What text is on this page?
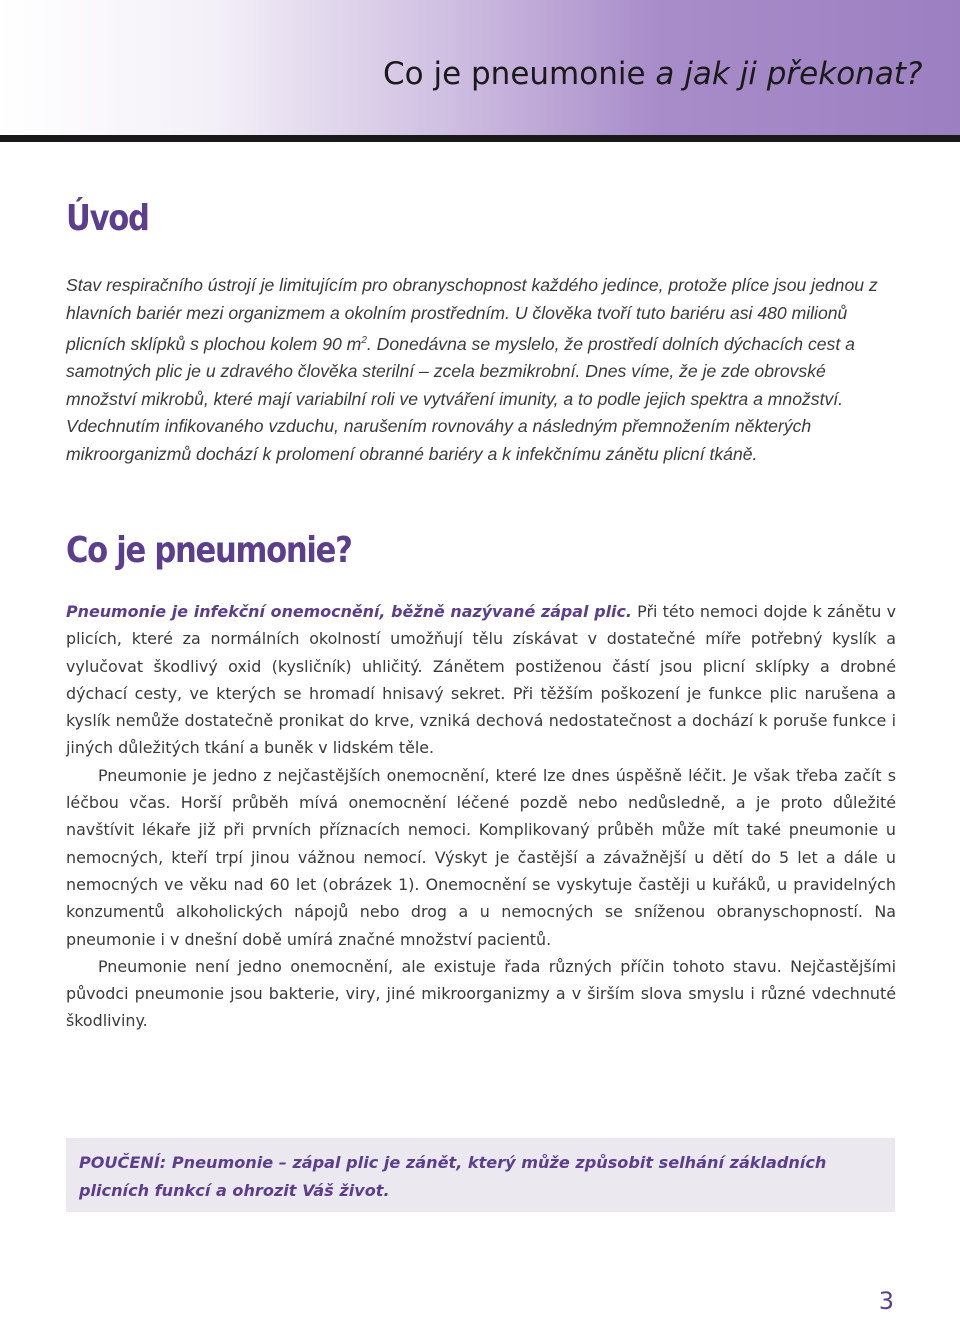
Co je pneumonie a jak ji překonat?
Úvod

Stav respiračního ústrojí je limitujícím pro obranyschopnost každého jedince, protože plíce jsou jednou z hlavních bariér mezi organizmem a okolním prostředním. U člověka tvoří tuto bariéru asi 480 milionů plicních sklípků s plochou kolem 90 $m^2$. Donedávna se myslelo, že prostředí dolních dýchacích cest a samotných plic je u zdravého člověka sterilní – zcela bezmikrobní. Dnes víme, že je zde obrovské množství mikrobů, které mají variabilní roli ve vytváření imunity, a to podle jejich spektra a množství. Vdechnutím infikovaného vzduchu, narušením rovnováhy a následným přemnožením některých mikroorganizmů dochází k prolomení obranné bariéry a k infekčnímu zánětu plicní tkáně.

Co je pneumonie?

Pneumonie je infekční onemocnění, běžně nazývané zápal plic. Při této nemoci dojde k zánětu v plicích, které za normálních okolností umožňují tělu získávat v dostatečné míře potřebný kyslík a vylučovat škodlivý oxid (kysličník) uhličitý. Zánětem postiženou částí jsou plicní sklípky a drobné dýchací cesty, ve kterých se hromadí hnisavý sekret. Při těžším poškození je funkce plic narušena a kyslík nemůže dostatečně pronikat do krve, vzniká dechová nedostatečnost a dochází k poruše funkce i jiných důležitých tkání a buněk v lidském těle.

Pneumonie je jedno z nejčastějších onemocnění, které lze dnes úspěšně léčit. Je však třeba začít s léčbou včas. Horší průběh mívá onemocnění léčené pozdě nebo nedůsledně, a je proto důležité navštívit lékaře již při prvních příznacích nemoci. Komplikovaný průběh může mít také pneumonie u nemocných, kteří trpí jinou vážnou nemocí. Výskyt je častější a závažnější u dětí do 5 let a dále u nemocných ve věku nad 60 let (obrázek 1). Onemocnění se vyskytuje častěji u kuřáků, u pravidelných konzumentů alkoholických nápojů nebo drog a u nemocných se sníženou obranyschopností. Na pneumonie i v dnešní době umírá značné množství pacientů.

Pneumonie není jedno onemocnění, ale existuje řada různých příčin tohoto stavu. Nejčastějšími původci pneumonie jsou bakterie, viry, jiné mikroorganizmy a v širším slova smyslu i různé vdechnuté škodliviny.

POUČENÍ: Pneumonie – zápal plic je zánět, který může způsobit selhání základních plicních funkcí a ohrozit Váš život.

3
